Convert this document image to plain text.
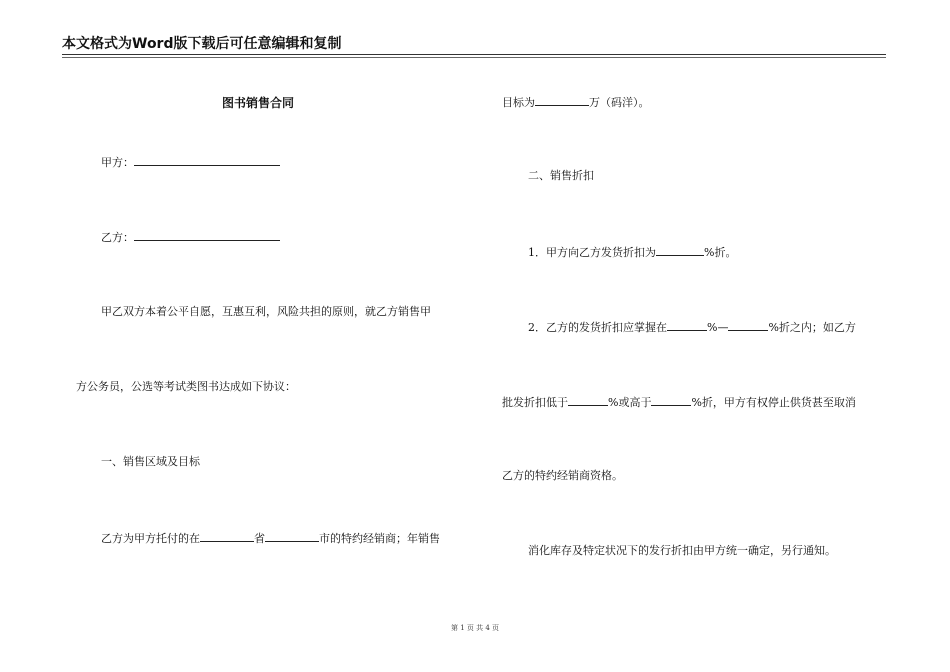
本文格式为Word版下载后可任意编辑和复制
图书销售合同
甲方：
乙方：
甲乙双方本着公平自愿，互惠互利，风险共担的原则，就乙方销售甲
方公务员，公选等考试类图书达成如下协议：
一、销售区域及目标
乙方为甲方托付的在	省	市的特约经销商；年销售
目标为	万（码洋）。
二、销售折扣
1．甲方向乙方发货折扣为	%折。
2．乙方的发货折扣应掌握在	%—	%折之内；如乙方
批发折扣低于	%或高于	%折，甲方有权停止供货甚至取消
乙方的特约经销商资格。
消化库存及特定状况下的发行折扣由甲方统一确定，另行通知。
第 1 页 共 4 页
